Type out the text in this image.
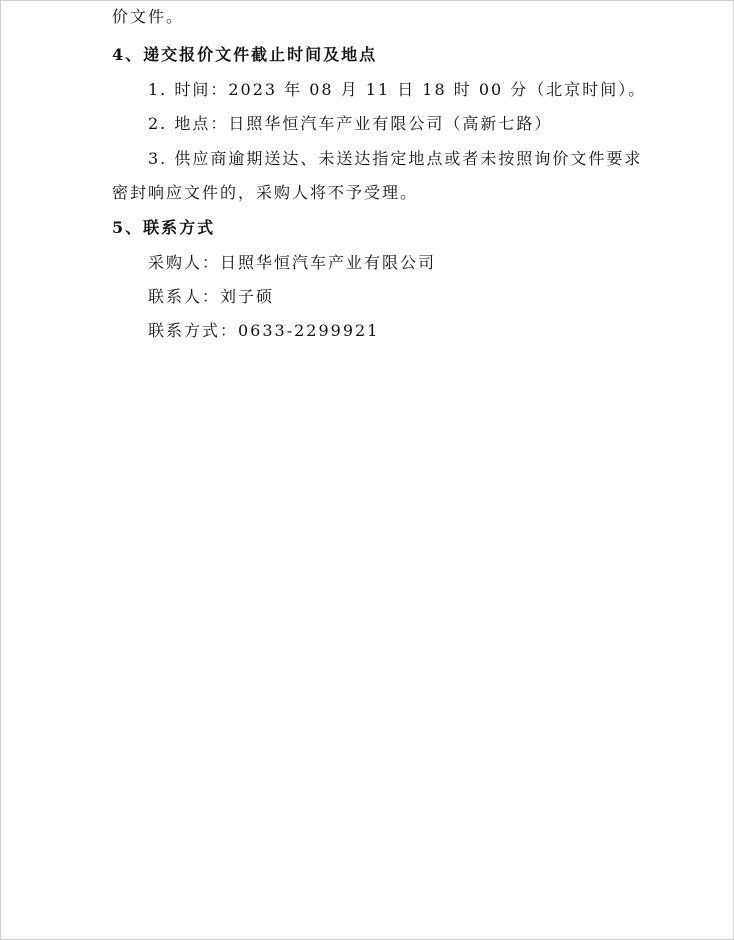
价文件。
4、递交报价文件截止时间及地点
1. 时间：2023 年 08 月 11 日 18 时 00 分（北京时间）。
2. 地点：日照华恒汽车产业有限公司（高新七路）
3. 供应商逾期送达、未送达指定地点或者未按照询价文件要求
密封响应文件的，采购人将不予受理。
5、联系方式
采购人：日照华恒汽车产业有限公司
联系人：刘子硕
联系方式：0633-2299921
